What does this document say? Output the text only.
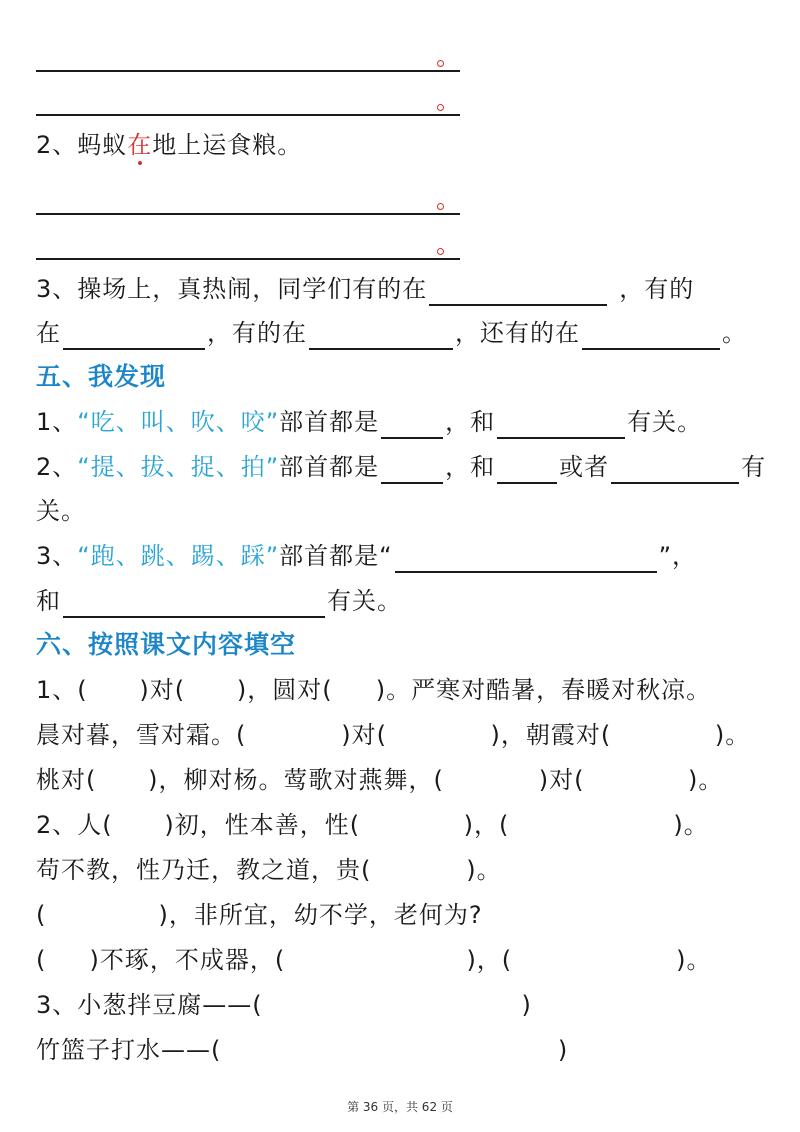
2、蚂蚁在
地上运食粮。
3、操场上，真热闹，同学们有的在	，有的
在	，有的在	，还有的在	。
五、我发现
1、“吃、叫、吹、咬”部首都是	，和	有关。
2、“提、拔、捉、拍”部首都是	，和	或者	有
关。
3、“跑、跳、踢、踩”部首都是“	”，
和	有关。
六、按照课文内容填空
1、(      )对(      )，圆对(     )。严寒对酷暑，春暖对秋凉。
晨对暮，雪对霜。(           )对(            )，朝霞对(            )。
桃对(      )，柳对杨。莺歌对燕舞，(           )对(            )。
2、人(      )初，性本善，性(            )，(                   )。
苟不教，性乃迁，教之道，贵(           )。
(             )，非所宜，幼不学，老何为?
(     )不琢，不成器，(                     )，(                   )。
3、小葱拌豆腐——(                              )
竹篮子打水——(                                       )
第 36 页，共 62 页
